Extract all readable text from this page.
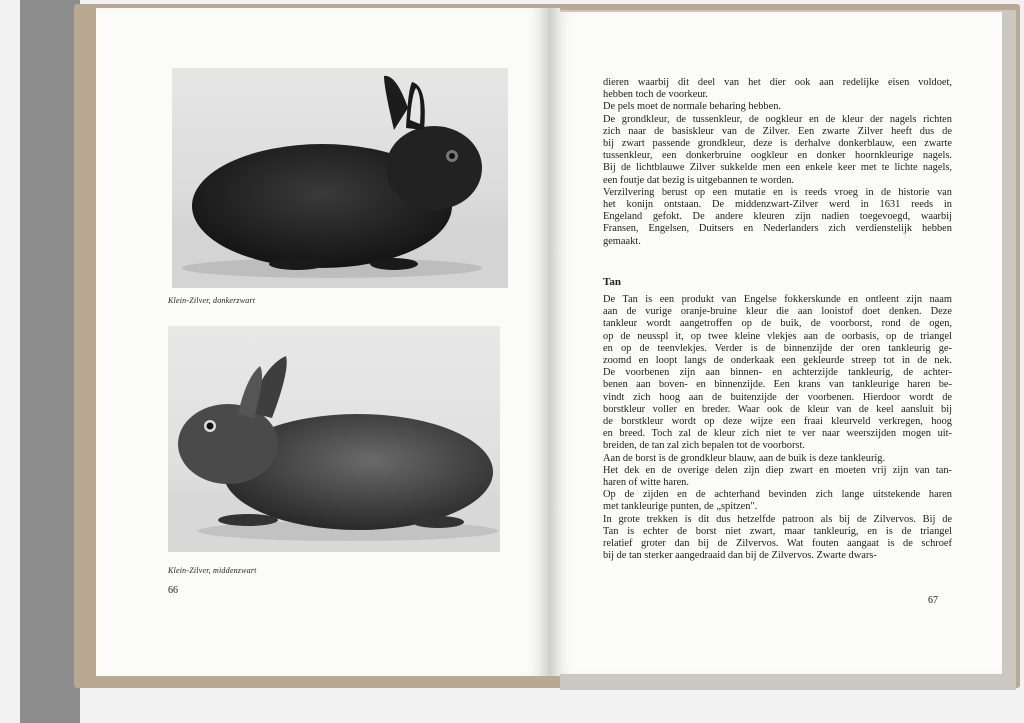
Klein-Zilver, donkerzwart
Klein-Zilver, middenzwart
66
dieren waarbij dit deel van het dier ook aan redelijke eisen voldoet,
hebben toch de voorkeur.
De pels moet de normale beharing hebben.
De grondkleur, de tussenkleur, de oogkleur en de kleur der nagels richten
zich naar de basiskleur van de Zilver. Een zwarte Zilver heeft dus de
bij zwart passende grondkleur, deze is derhalve donkerblauw, een zwarte
tussenkleur, een donkerbruine oogkleur en donker hoornkleurige nagels.
Bij de lichtblauwe Zilver sukkelde men een enkele keer met te lichte nagels,
een foutje dat bezig is uitgebannen te worden.
Verzilvering berust op een mutatie en is reeds vroeg in de historie van
het konijn ontstaan. De middenzwart-Zilver werd in 1631 reeds in
Engeland gefokt. De andere kleuren zijn nadien toegevoegd, waarbij
Fransen, Engelsen, Duitsers en Nederlanders zich verdienstelijk hebben
gemaakt.
Tan
De Tan is een produkt van Engelse fokkerskunde en ontleent zijn naam
aan de vurige oranje-bruine kleur die aan looistof doet denken. Deze
tankleur wordt aangetroffen op de buik, de voorborst, rond de ogen,
op de neusspl it, op twee kleine vlekjes aan de oorbasis, op de triangel
en op de teenvlekjes. Verder is de binnenzijde der oren tankleurig ge-
zoomd en loopt langs de onderkaak een gekleurde streep tot in de nek.
De voorbenen zijn aan binnen- en achterzijde tankleurig, de achter-
benen aan boven- en binnenzijde. Een krans van tankleurige haren be-
vindt zich hoog aan de buitenzijde der voorbenen. Hierdoor wordt de
borstkleur voller en breder. Waar ook de kleur van de keel aansluit bij
de borstkleur wordt op deze wijze een fraai kleurveld verkregen, hoog
en breed. Toch zal de kleur zich niet te ver naar weerszijden mogen uit-
breiden, de tan zal zich bepalen tot de voorborst.
Aan de borst is de grondkleur blauw, aan de buik is deze tankleurig.
Het dek en de overige delen zijn diep zwart en moeten vrij zijn van tan-
haren of witte haren.
Op de zijden en de achterhand bevinden zich lange uitstekende haren
met tankleurige punten, de „spitzen".
In grote trekken is dit dus hetzelfde patroon als bij de Zilvervos. Bij de
Tan is echter de borst niet zwart, maar tankleurig, en is de triangel
relatief groter dan bij de Zilvervos. Wat fouten aangaat is de schroef
bij de tan sterker aangedraaid dan bij de Zilvervos. Zwarte dwars-
67
